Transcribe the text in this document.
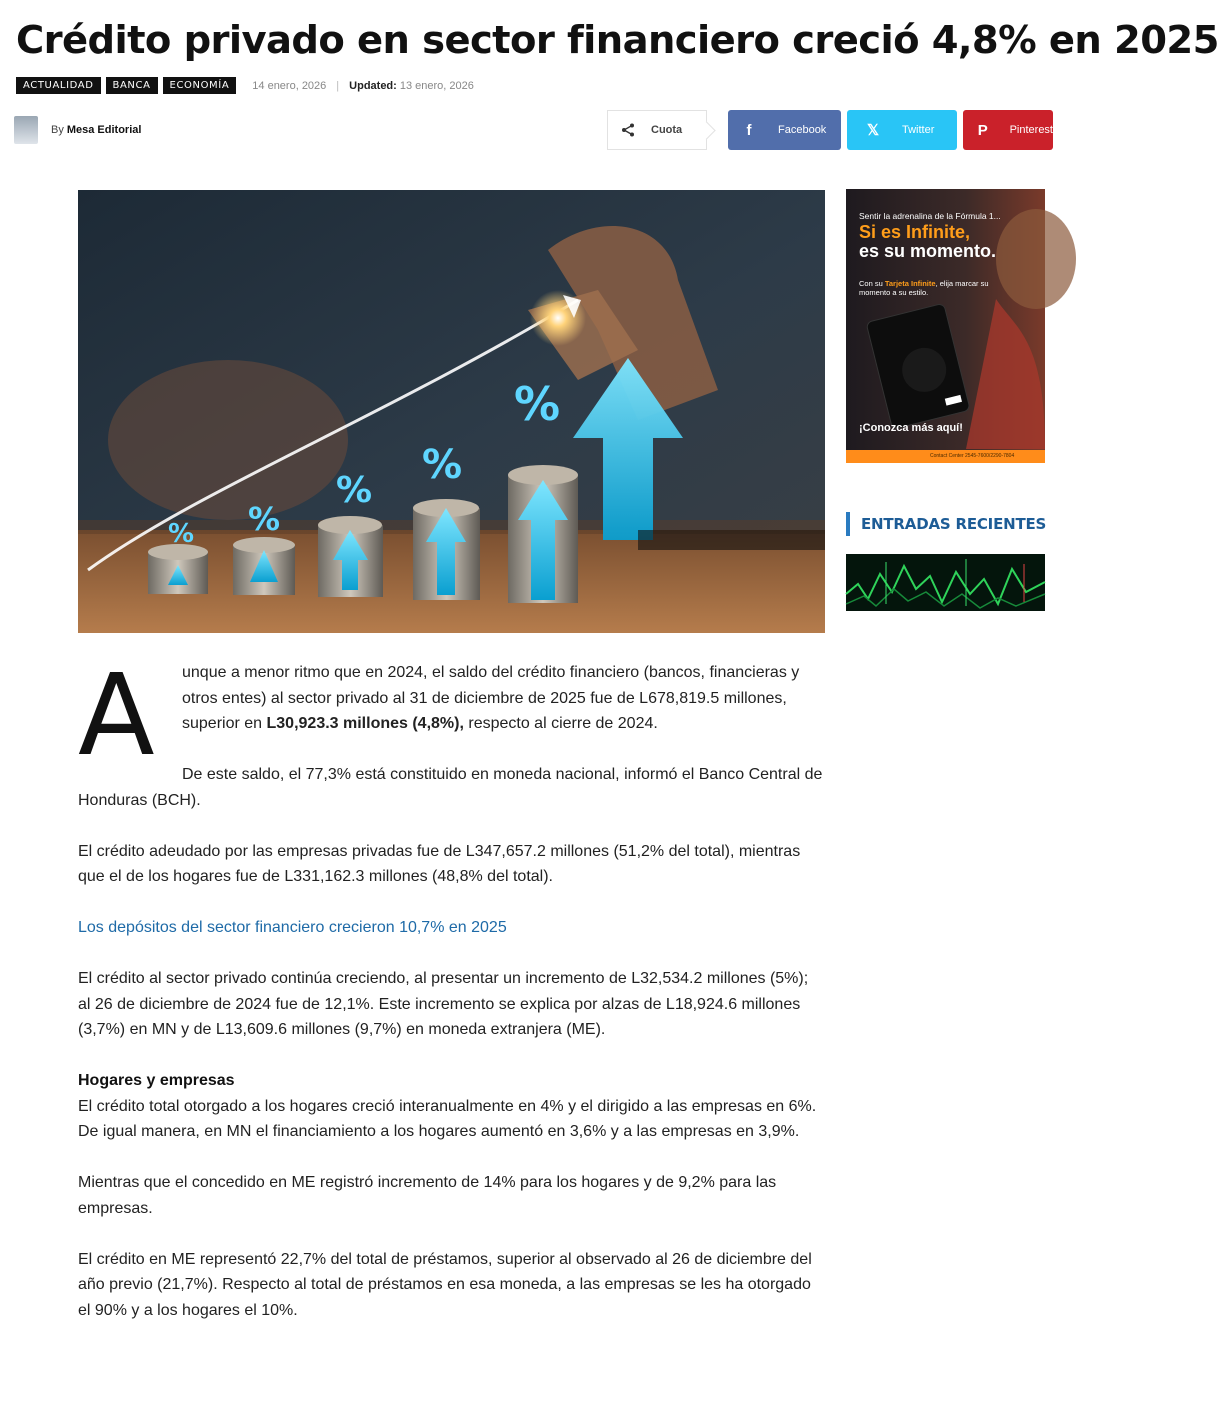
Crédito privado en sector financiero creció 4,8% en 2025
ACTUALIDAD	BANCA	ECONOMÍA	14 enero, 2026 | Updated: 13 enero, 2026
By Mesa Editorial	Cuota	f	Facebook	𝕏	Twitter	P	Pinterest
% %
%
%
%
A	unque a menor ritmo que en 2024, el saldo del crédito financiero (bancos, financieras y otros entes) al sector privado al 31 de diciembre de 2025 fue de L678,819.5 millones, superior en L30,923.3 millones (4,8%), respecto al cierre de 2024.

De este saldo, el 77,3% está constituido en moneda nacional, informó el Banco Central de Honduras (BCH).

El crédito adeudado por las empresas privadas fue de L347,657.2 millones (51,2% del total), mientras que el de los hogares fue de L331,162.3 millones (48,8% del total).

Los depósitos del sector financiero crecieron 10,7% en 2025

El crédito al sector privado continúa creciendo, al presentar un incremento de L32,534.2 millones (5%); al 26 de diciembre de 2024 fue de 12,1%. Este incremento se explica por alzas de L18,924.6 millones (3,7%) en MN y de L13,609.6 millones (9,7%) en moneda extranjera (ME).

Hogares y empresas

El crédito total otorgado a los hogares creció interanualmente en 4% y el dirigido a las empresas en 6%. De igual manera, en MN el financiamiento a los hogares aumentó en 3,6% y a las empresas en 3,9%.

Mientras que el concedido en ME registró incremento de 14% para los hogares y de 9,2% para las empresas.

El crédito en ME representó 22,7% del total de préstamos, superior al observado al 26 de diciembre del año previo (21,7%). Respecto al total de préstamos en esa moneda, a las empresas se les ha otorgado el 90% y a los hogares el 10%.

Sentir la adrenalina de la Fórmula 1...
Si es Infinite,
es su momento.
Con su Tarjeta Infinite, elija marcar su momento a su estilo.
¡Conozca más aquí!
Contact Center 2545-7600/2290-7804
ENTRADAS RECIENTES
